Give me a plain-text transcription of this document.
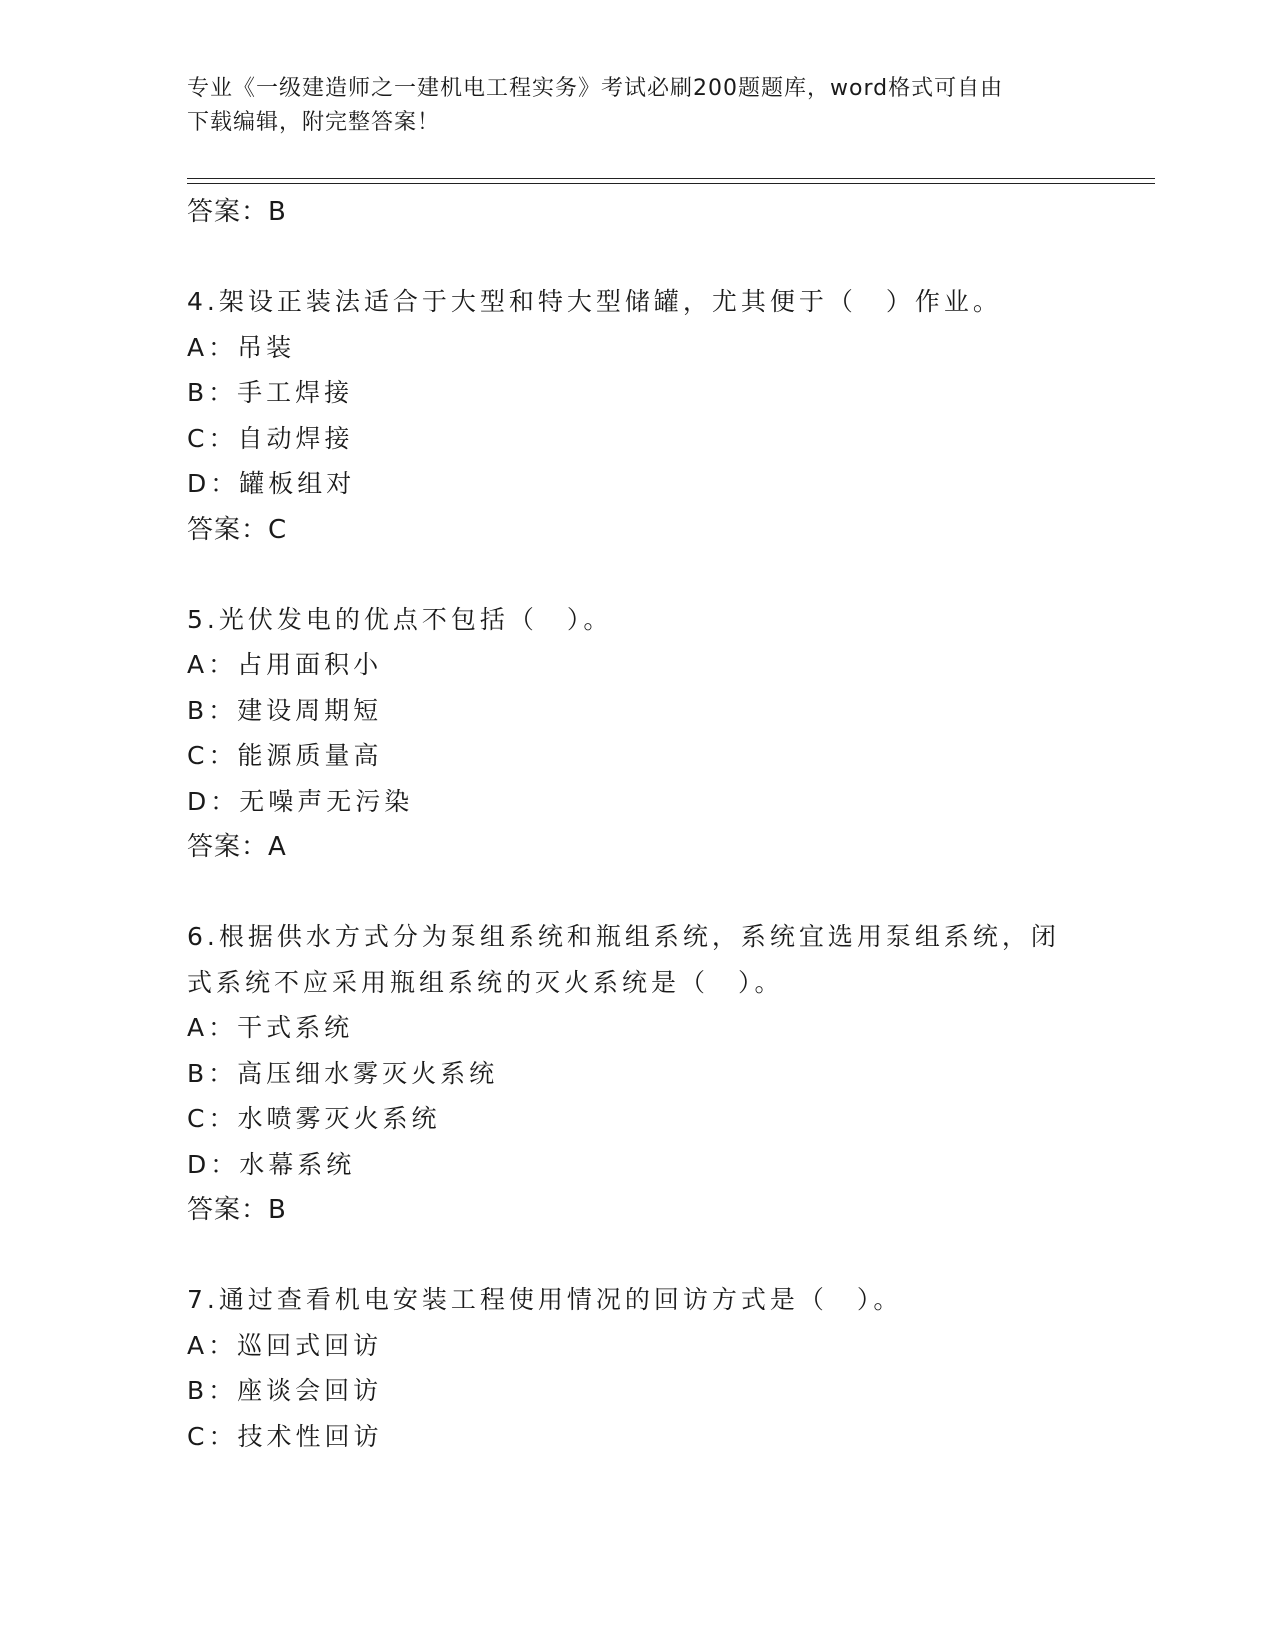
专业《一级建造师之一建机电工程实务》考试必刷200题题库，word格式可自由
下载编辑，附完整答案！
答案：B
4.架设正装法适合于大型和特大型储罐，尤其便于（　）作业。
A：吊装
B：手工焊接
C：自动焊接
D：罐板组对
答案：C
5.光伏发电的优点不包括（　）。
A：占用面积小
B：建设周期短
C：能源质量高
D：无噪声无污染
答案：A
6.根据供水方式分为泵组系统和瓶组系统，系统宜选用泵组系统，闭
式系统不应采用瓶组系统的灭火系统是（　）。
A：干式系统
B：高压细水雾灭火系统
C：水喷雾灭火系统
D：水幕系统
答案：B
7.通过查看机电安装工程使用情况的回访方式是（　）。
A：巡回式回访
B：座谈会回访
C：技术性回访
